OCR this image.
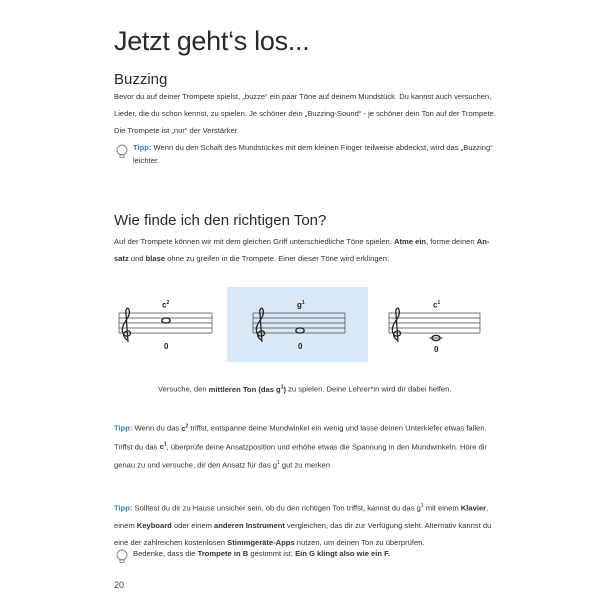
Jetzt geht‘s los...
Buzzing
Bevor du auf deiner Trompete spielst, „buzze“ ein paar Töne auf deinem Mundstück. Du kannst auch versuchen,
Lieder, die du schon kennst, zu spielen. Je schöner dein „Buzzing-Sound“ - je schöner dein Ton auf der Trompete.
Die Trompete ist „nur“ der Verstärker.
Tipp: Wenn du den Schaft des Mundstückes mit dem kleinen Finger teilweise abdeckst, wird das „Buzzing“
leichter.
Wie finde ich den richtigen Ton?
Auf der Trompete können wir mit dem gleichen Griff unterschiedliche Töne spielen. Atme ein, forme deinen An-
satz und blase ohne zu greifen in die Trompete. Einer dieser Töne wird erklingen:
$c^2$	$g^1$	$c^1$
0	0	0
Versuche, den mittleren Ton (das $g^1$) zu spielen. Deine Lehrer*in wird dir dabei helfen.
Tipp: Wenn du das $c^2$ triffst, entspanne deine Mundwinkel ein wenig und lasse deinen Unterkiefer etwas fallen.
Triffst du das $c^1$, überprüfe deine Ansatzposition und erhöhe etwas die Spannung in den Mundwinkeln. Höre dir
genau zu und versuche, dir den Ansatz für das $g^1$ gut zu merken.
Tipp: Solltest du dir zu Hause unsicher sein, ob du den richtigen Ton triffst, kannst du das $g^1$ mit einem Klavier,
einem Keyboard oder einem anderen Instrument vergleichen, das dir zur Verfügung steht. Alternativ kannst du
eine der zahlreichen kostenlosen Stimmgeräte-Apps nutzen, um deinen Ton zu überprüfen.
Bedenke, dass die Trompete in B gestimmt ist. Ein G klingt also wie ein F.
20
